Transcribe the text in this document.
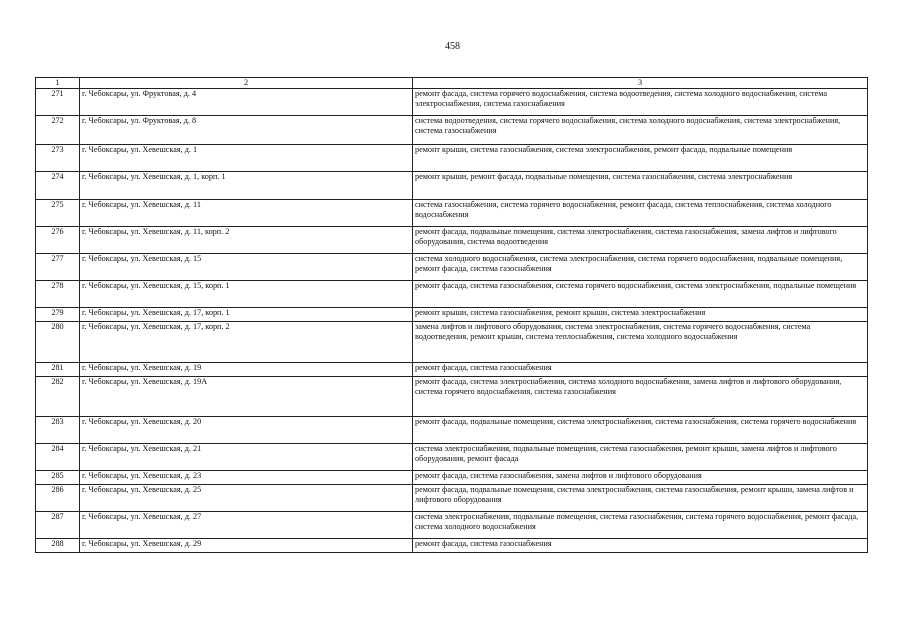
458
1	2	3
271	г. Чебоксары, ул. Фруктовая, д. 4	ремонт фасада, система горячего водоснабжения, система водоотведения, система холодного водоснабжения, система электроснабжения, система газоснабжения
272	г. Чебоксары, ул. Фруктовая, д. 8	система водоотведения, система горячего водоснабжения, система холодного водоснабжения, система электроснабжения, система газоснабжения
273	г. Чебоксары, ул. Хевешская, д. 1	ремонт крыши, система газоснабжения, система электроснабжения, ремонт фасада, подвальные помещения
274	г. Чебоксары, ул. Хевешская, д. 1, корп. 1	ремонт крыши, ремонт фасада, подвальные помещения, система газоснабжения, система электроснабжения
275	г. Чебоксары, ул. Хевешская, д. 11	система газоснабжения, система горячего водоснабжения, ремонт фасада, система теплоснабжения, система холодного водоснабжения
276	г. Чебоксары, ул. Хевешская, д. 11, корп. 2	ремонт фасада, подвальные помещения, система электроснабжения, система газоснабжения, замена лифтов и лифтового оборудования, система водоотведения
277	г. Чебоксары, ул. Хевешская, д. 15	система холодного водоснабжения, система электроснабжения, система горячего водоснабжения, подвальные помещения, ремонт фасада, система газоснабжения
278	г. Чебоксары, ул. Хевешская, д. 15, корп. 1	ремонт фасада, система газоснабжения, система горячего водоснабжения, система электроснабжения, подвальные помещения
279	г. Чебоксары, ул. Хевешская, д. 17, корп. 1	ремонт крыши, система газоснабжения, ремонт крыши, система электроснабжения
280	г. Чебоксары, ул. Хевешская, д. 17, корп. 2	замена лифтов и лифтового оборудования, система электроснабжения, система горячего водоснабжения, система водоотведения, ремонт крыши, система теплоснабжения, система холодного водоснабжения
281	г. Чебоксары, ул. Хевешская, д. 19	ремонт фасада, система газоснабжения
282	г. Чебоксары, ул. Хевешская, д. 19А	ремонт фасада, система электроснабжения, система холодного водоснабжения, замена лифтов и лифтового оборудования, система горячего водоснабжения, система газоснабжения
283	г. Чебоксары, ул. Хевешская, д. 20	ремонт фасада, подвальные помещения, система электроснабжения, система газоснабжения, система горячего водоснабжения
284	г. Чебоксары, ул. Хевешская, д. 21	система электроснабжения, подвальные помещения, система газоснабжения, ремонт крыши, замена лифтов и лифтового оборудования, ремонт фасада
285	г. Чебоксары, ул. Хевешская, д. 23	ремонт фасада, система газоснабжения, замена лифтов и лифтового оборудования
286	г. Чебоксары, ул. Хевешская, д. 25	ремонт фасада, подвальные помещения, система электроснабжения, система газоснабжения, ремонт крыши, замена лифтов и лифтового оборудования
287	г. Чебоксары, ул. Хевешская, д. 27	система электроснабжения, подвальные помещения, система газоснабжения, система горячего водоснабжения, ремонт фасада, система холодного водоснабжения
288	г. Чебоксары, ул. Хевешская, д. 29	ремонт фасада, система газоснабжения
